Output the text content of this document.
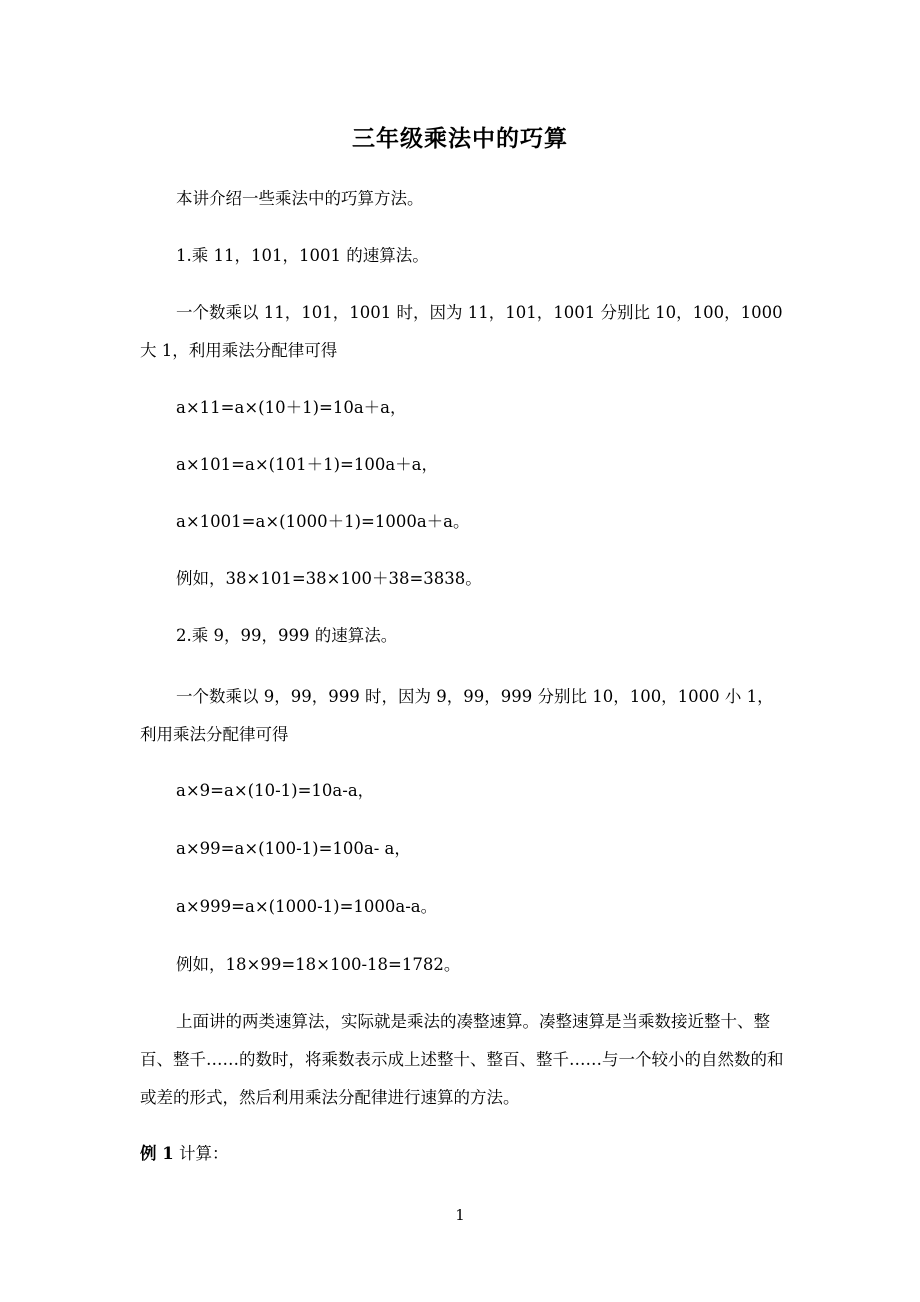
三年级乘法中的巧算

本讲介绍一些乘法中的巧算方法。

1.乘 11，101，1001 的速算法。

一个数乘以 11，101，1001 时，因为 11，101，1001 分别比 10，100，1000 大 1，利用乘法分配律可得

a×11=a×(10＋1)=10a＋a，

a×101=a×(101＋1)=100a＋a，

a×1001=a×(1000＋1)=1000a＋a。

例如，38×101=38×100＋38=3838。

2.乘 9，99，999 的速算法。

一个数乘以 9，99，999 时，因为 9，99，999 分别比 10，100，1000 小 1，利用乘法分配律可得

a×9=a×(10-1)=10a-a，

a×99=a×(100-1)=100a- a，

a×999=a×(1000-1)=1000a-a。

例如，18×99=18×100-18=1782。

上面讲的两类速算法，实际就是乘法的凑整速算。凑整速算是当乘数接近整十、整百、整千……的数时，将乘数表示成上述整十、整百、整千……与一个较小的自然数的和或差的形式，然后利用乘法分配律进行速算的方法。

例 1 计算：

1
